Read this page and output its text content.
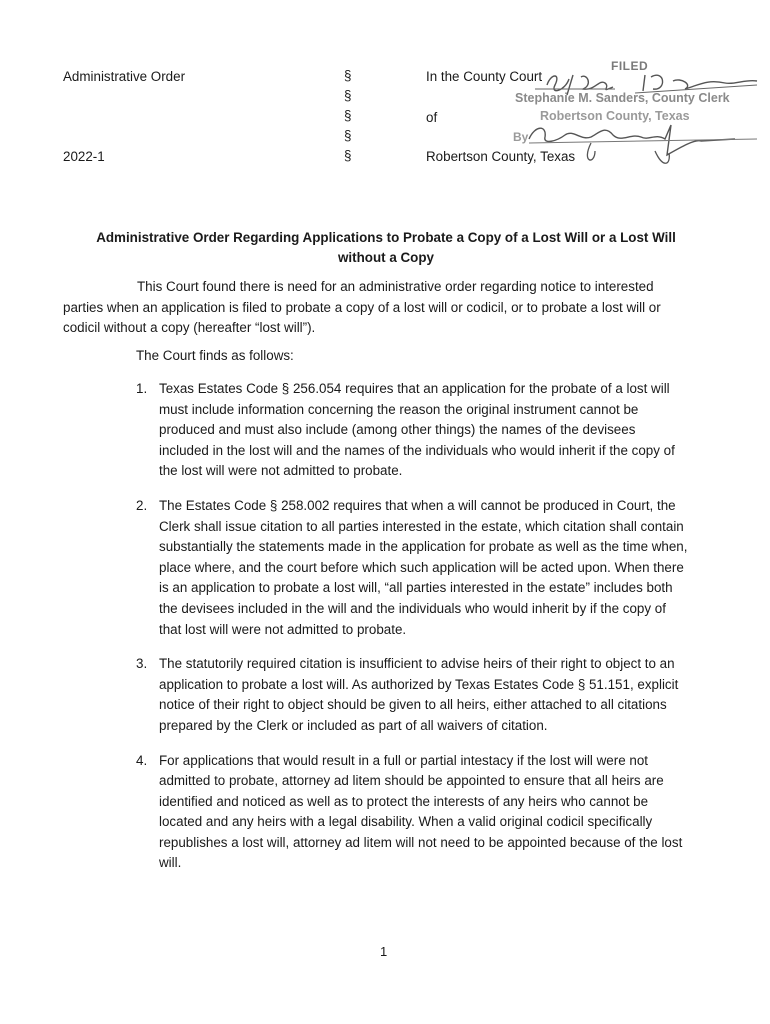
Administrative Order
2022-1
§
§
§
§
§
In the County Court
of
Robertson County, Texas
FILED
Stephanie M. Sanders, County Clerk
Robertson County, Texas
By
Administrative Order Regarding Applications to Probate a Copy of a Lost Will or a Lost Will without a Copy
This Court found there is need for an administrative order regarding notice to interested parties when an application is filed to probate a copy of a lost will or codicil, or to probate a lost will or codicil without a copy (hereafter “lost will”).
The Court finds as follows:
1. Texas Estates Code § 256.054 requires that an application for the probate of a lost will must include information concerning the reason the original instrument cannot be produced and must also include (among other things) the names of the devisees included in the lost will and the names of the individuals who would inherit if the copy of the lost will were not admitted to probate.
2. The Estates Code § 258.002 requires that when a will cannot be produced in Court, the Clerk shall issue citation to all parties interested in the estate, which citation shall contain substantially the statements made in the application for probate as well as the time when, place where, and the court before which such application will be acted upon. When there is an application to probate a lost will, “all parties interested in the estate” includes both the devisees included in the will and the individuals who would inherit by if the copy of that lost will were not admitted to probate.
3. The statutorily required citation is insufficient to advise heirs of their right to object to an application to probate a lost will. As authorized by Texas Estates Code § 51.151, explicit notice of their right to object should be given to all heirs, either attached to all citations prepared by the Clerk or included as part of all waivers of citation.
4. For applications that would result in a full or partial intestacy if the lost will were not admitted to probate, attorney ad litem should be appointed to ensure that all heirs are identified and noticed as well as to protect the interests of any heirs who cannot be located and any heirs with a legal disability. When a valid original codicil specifically republishes a lost will, attorney ad litem will not need to be appointed because of the lost will.
1
